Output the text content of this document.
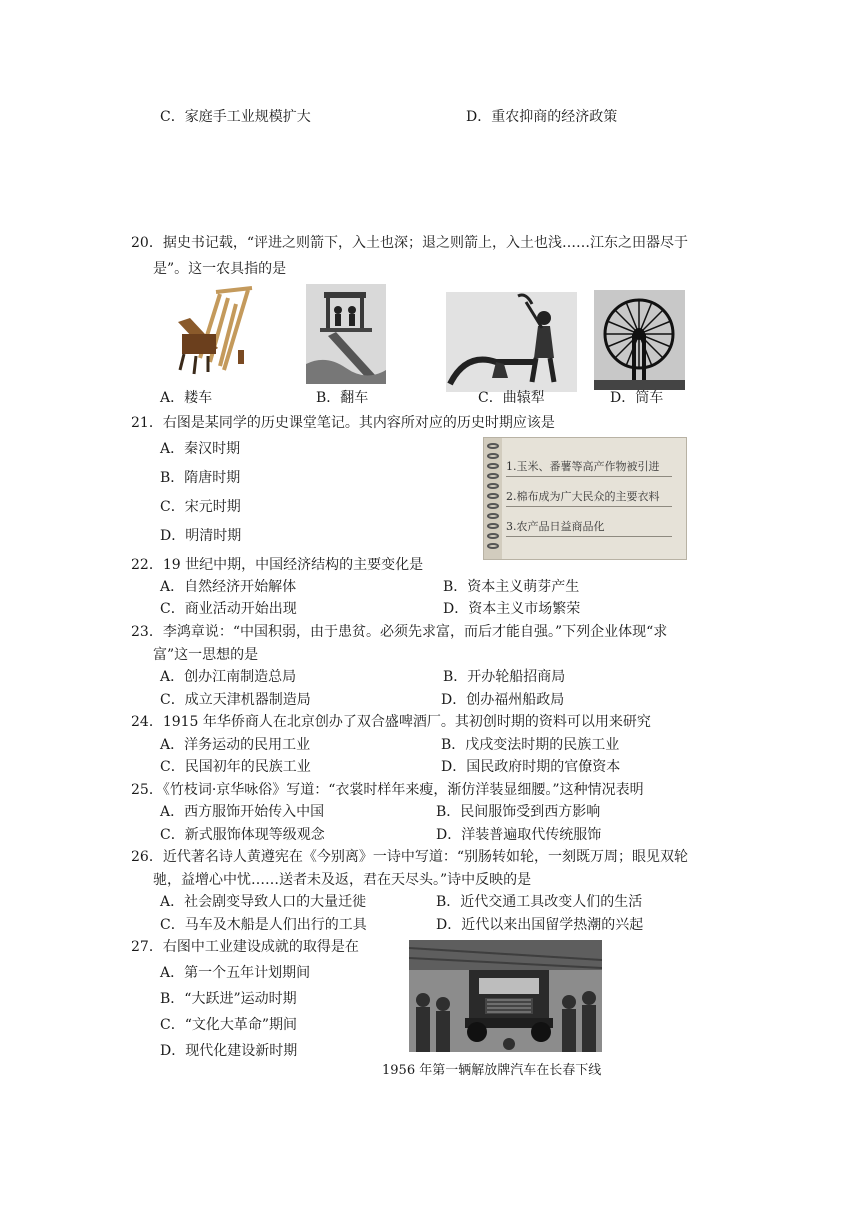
C．家庭手工业规模扩大	D．重农抑商的经济政策
20．据史书记载，“评进之则箭下，入土也深；退之则箭上，入土也浅……江东之田器尽于
是”。这一农具指的是
A．耧车	B．翻车	C．曲辕犁	D．筒车
21．右图是某同学的历史课堂笔记。其内容所对应的历史时期应该是
A．秦汉时期
B．隋唐时期
C．宋元时期
D．明清时期
1.玉米、番薯等高产作物被引进
2.棉布成为广大民众的主要衣料
3.农产品日益商品化
22．19 世纪中期，中国经济结构的主要变化是
A．自然经济开始解体	B．资本主义萌芽产生
C．商业活动开始出现	D．资本主义市场繁荣
23．李鸿章说：“中国积弱，由于患贫。必须先求富，而后才能自强。”下列企业体现“求
富”这一思想的是
A．创办江南制造总局	B．开办轮船招商局
C．成立天津机器制造局	D．创办福州船政局
24．1915 年华侨商人在北京创办了双合盛啤酒厂。其初创时期的资料可以用来研究
A．洋务运动的民用工业	B．戊戌变法时期的民族工业
C．民国初年的民族工业	D．国民政府时期的官僚资本
25．《竹枝词·京华咏俗》写道：“衣裳时样年来瘦，渐仿洋装显细腰。”这种情况表明
A．西方服饰开始传入中国	B．民间服饰受到西方影响
C．新式服饰体现等级观念	D．洋装普遍取代传统服饰
26．近代著名诗人黄遵宪在《今别离》一诗中写道：“别肠转如轮，一刻既万周；眼见双轮
驰，益增心中忧……送者未及返，君在天尽头。”诗中反映的是
A．社会剧变导致人口的大量迁徙	B．近代交通工具改变人们的生活
C．马车及木船是人们出行的工具	D．近代以来出国留学热潮的兴起
27．右图中工业建设成就的取得是在
A．第一个五年计划期间
B．“大跃进”运动时期
C．“文化大革命”期间
D．现代化建设新时期
1956 年第一辆解放牌汽车在长春下线
